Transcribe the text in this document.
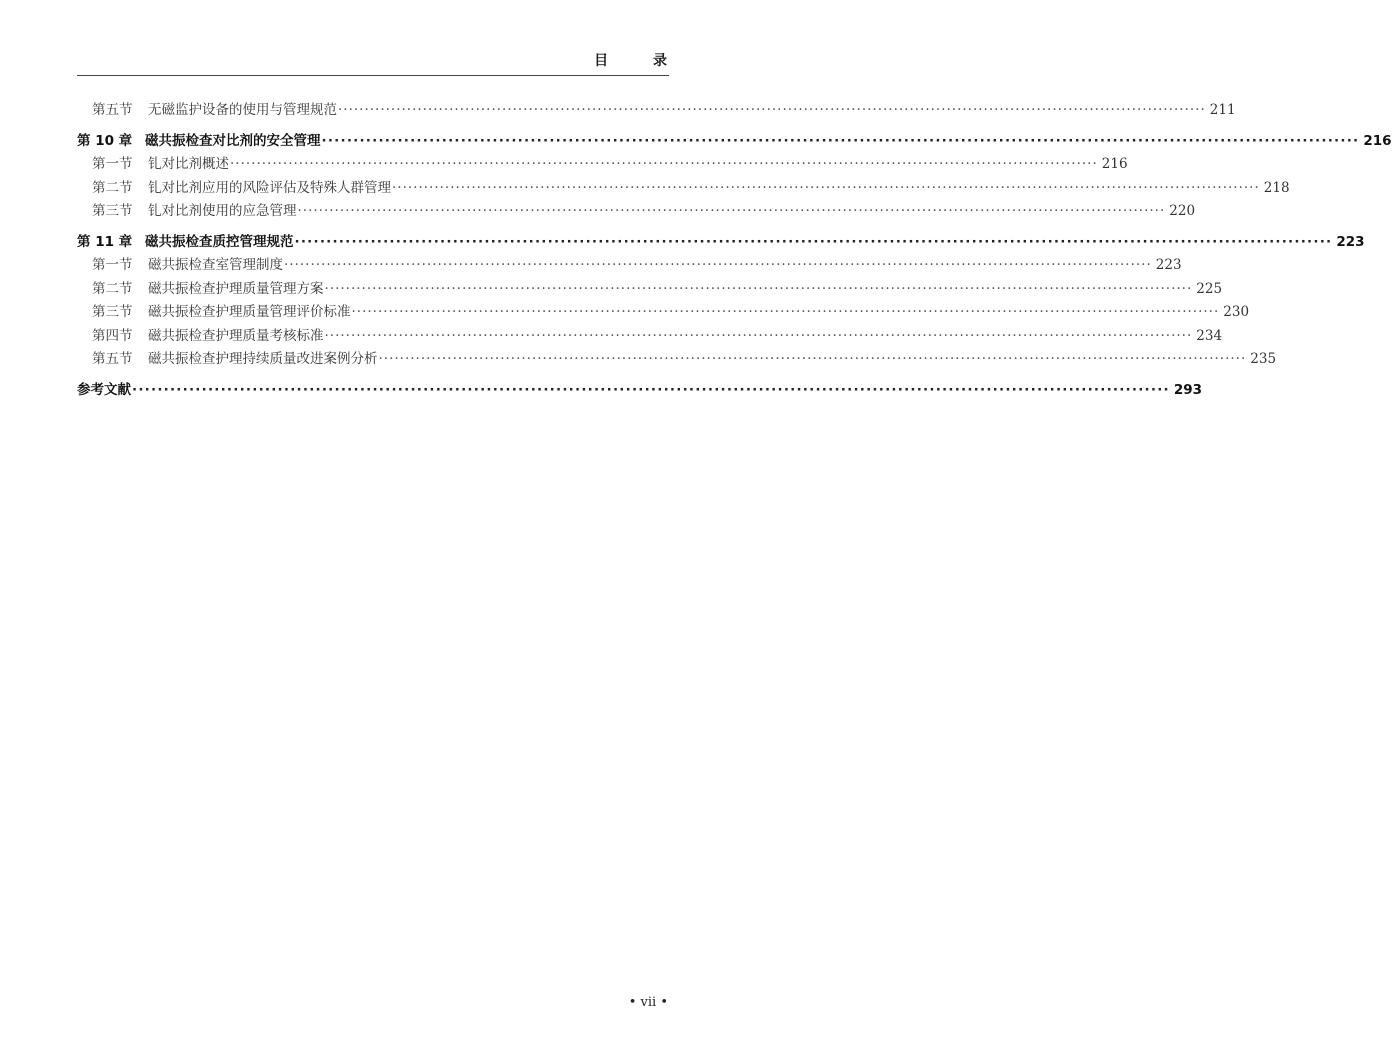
目 录
第五节	无磁监护设备的使用与管理规范 ·····	211
第 10 章 磁共振检查对比剂的安全管理 ·····	216
第一节	钆对比剂概述 ·····	216
第二节	钆对比剂应用的风险评估及特殊人群管理 ·····	218
第三节	钆对比剂使用的应急管理 ·····	220
第 11 章 磁共振检查质控管理规范 ·····	223
第一节	磁共振检查室管理制度 ·····	223
第二节	磁共振检查护理质量管理方案 ·····	225
第三节	磁共振检查护理质量管理评价标准 ·····	230
第四节	磁共振检查护理质量考核标准 ·····	234
第五节	磁共振检查护理持续质量改进案例分析 ·····	235
参考文献 ·····	293
• vii •
